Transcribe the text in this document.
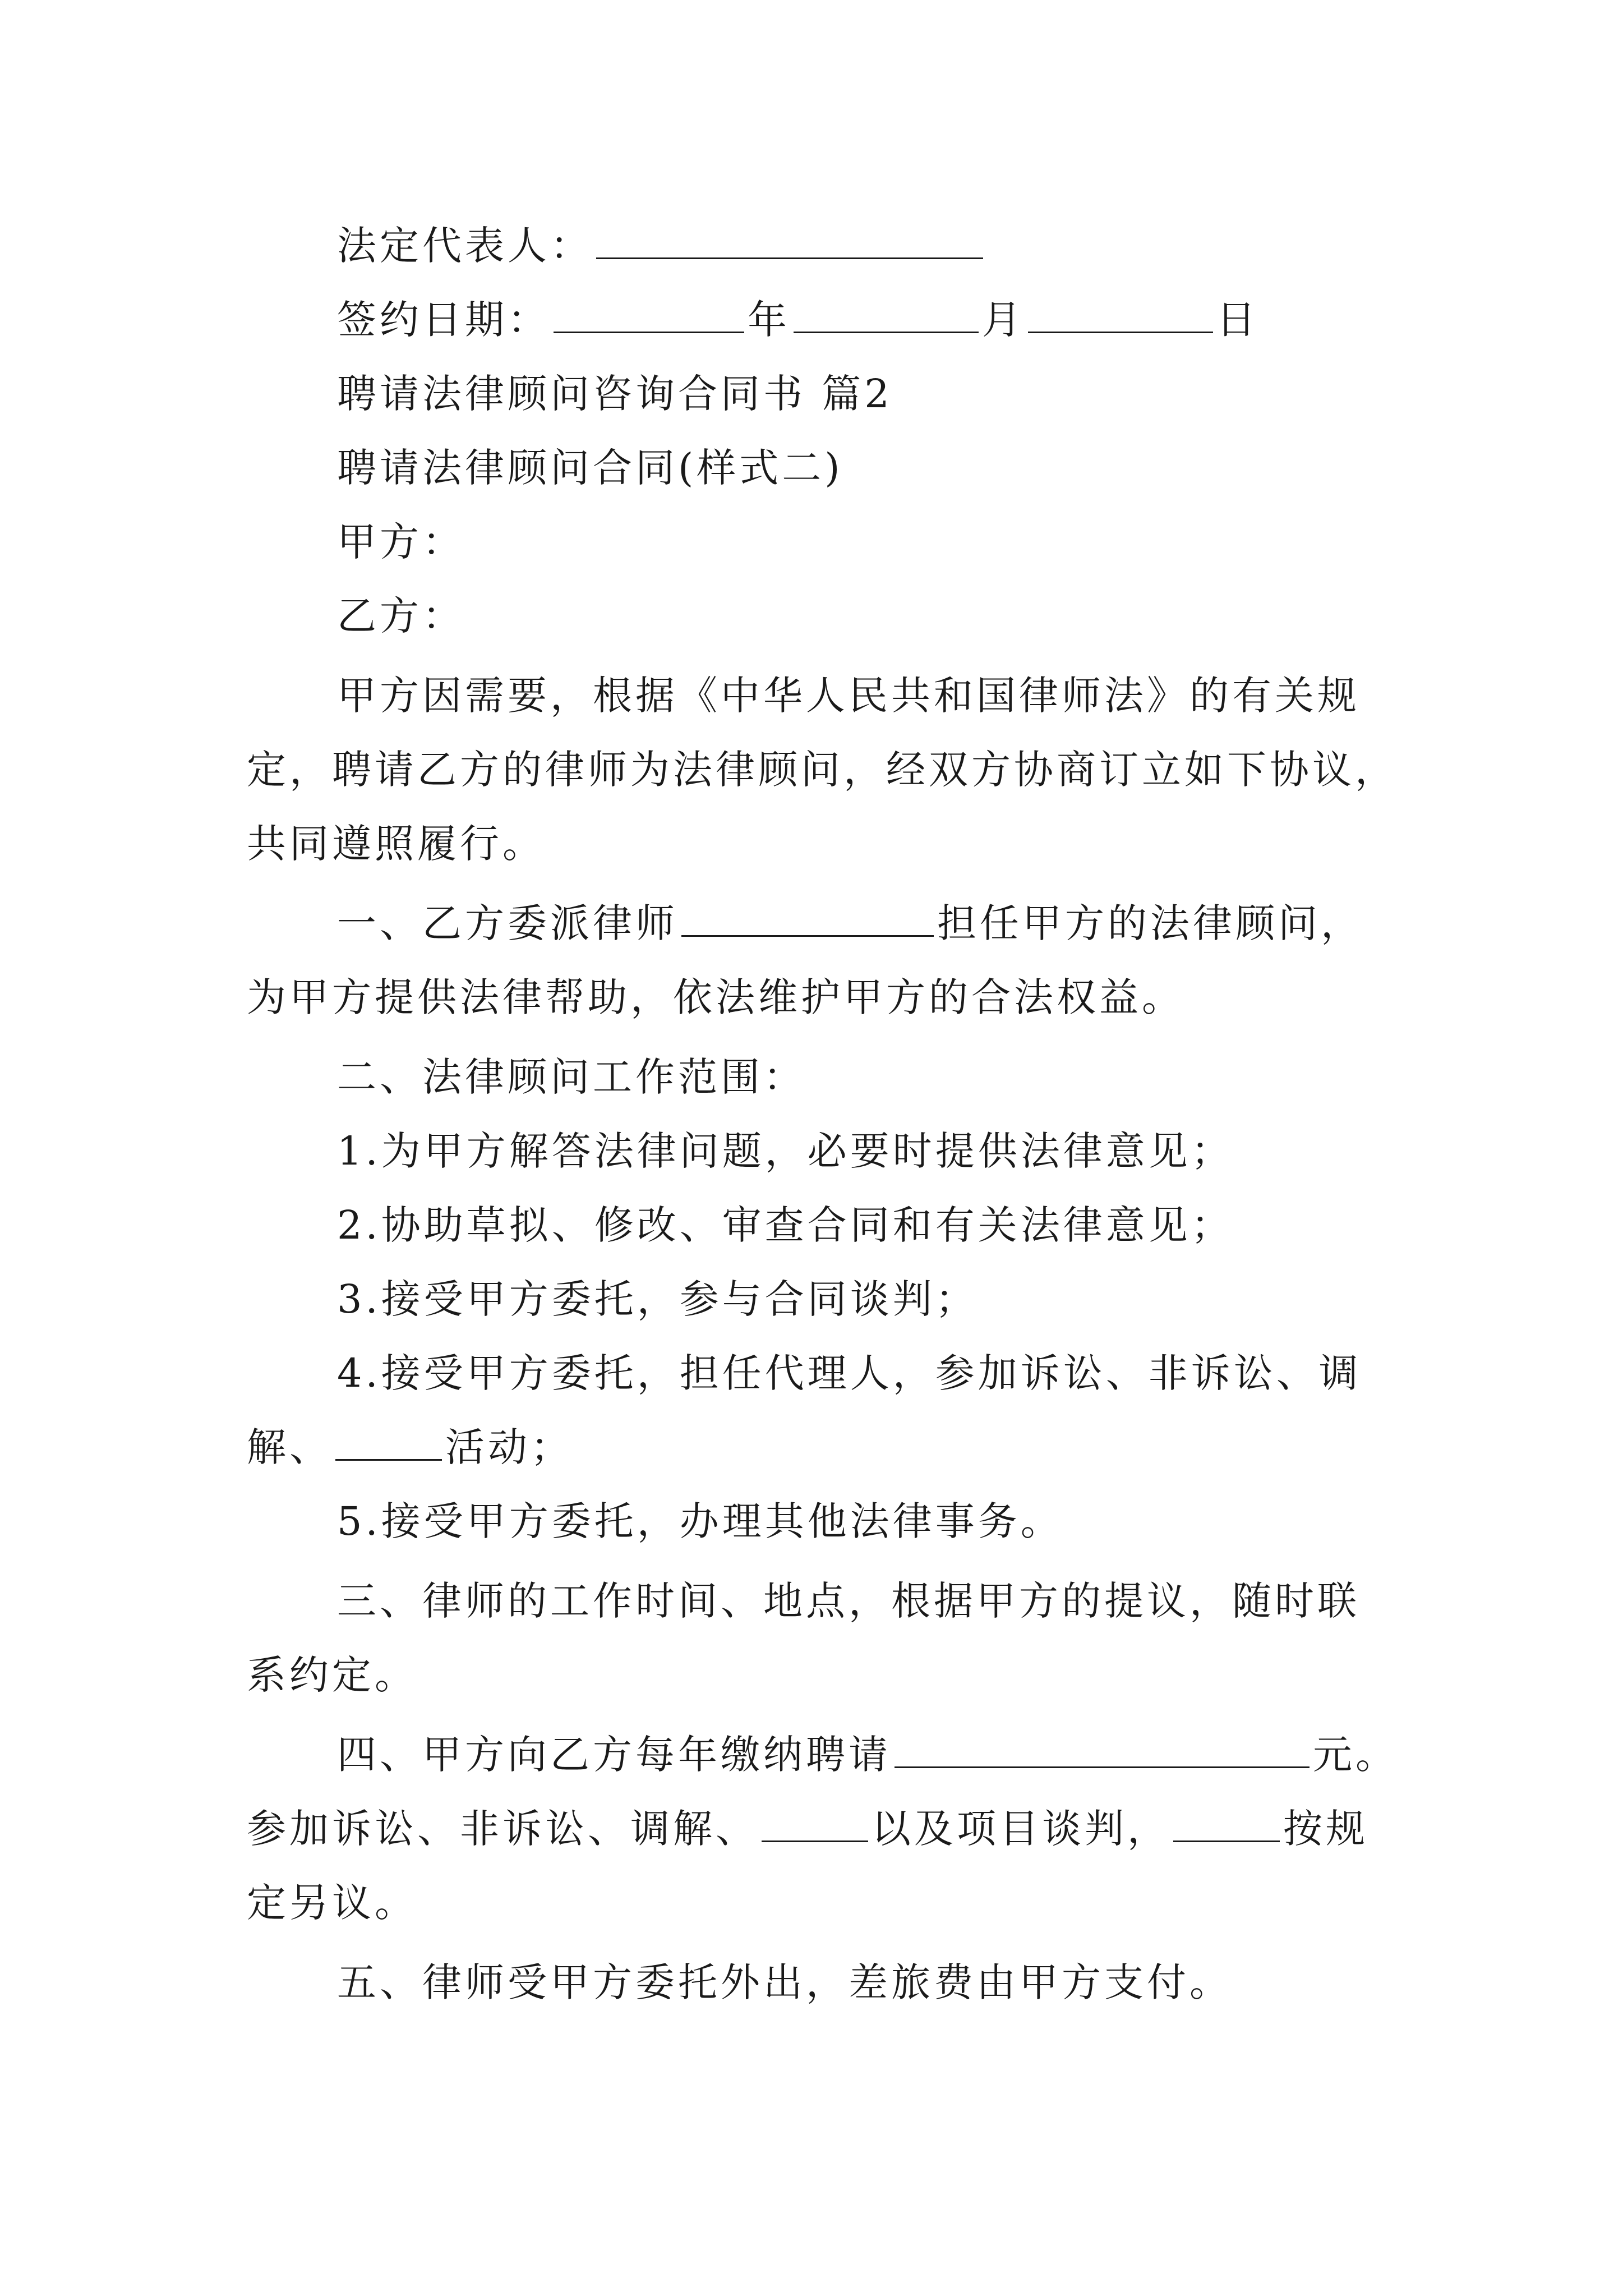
法定代表人：
签约日期：	年	月	日
聘请法律顾问咨询合同书 篇2
聘请法律顾问合同(样式二)
甲方：
乙方：
甲方因需要，根据《中华人民共和国律师法》的有关规
定，聘请乙方的律师为法律顾问，经双方协商订立如下协议，
共同遵照履行。
一、乙方委派律师	担任甲方的法律顾问，
为甲方提供法律帮助，依法维护甲方的合法权益。
二、法律顾问工作范围：
1.为甲方解答法律问题，必要时提供法律意见；
2.协助草拟、修改、审查合同和有关法律意见；
3.接受甲方委托，参与合同谈判；
4.接受甲方委托，担任代理人，参加诉讼、非诉讼、调
解、	活动；
5.接受甲方委托，办理其他法律事务。
三、律师的工作时间、地点，根据甲方的提议，随时联
系约定。
四、甲方向乙方每年缴纳聘请	元。
参加诉讼、非诉讼、调解、	以及项目谈判，	按规
定另议。
五、律师受甲方委托外出，差旅费由甲方支付。
